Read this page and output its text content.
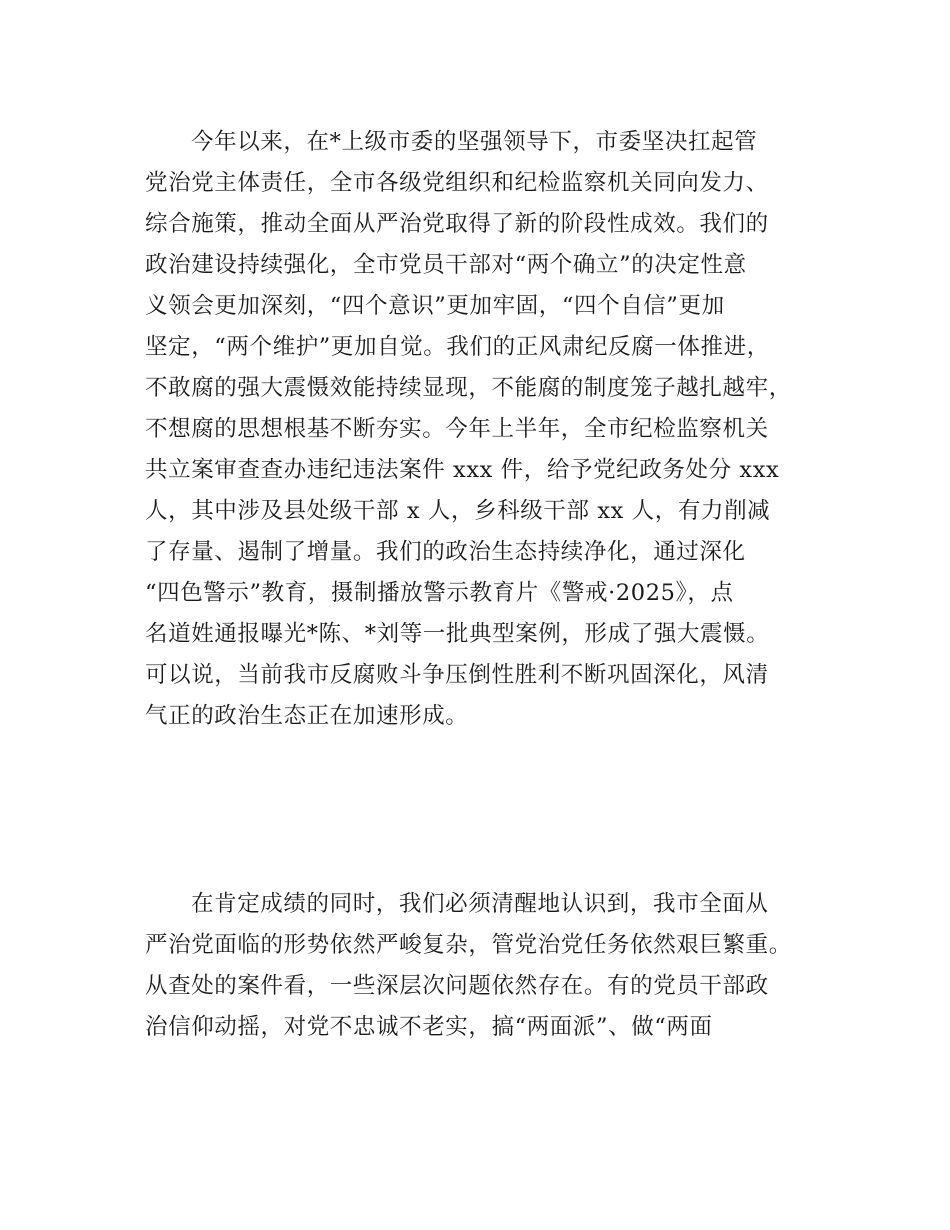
今年以来，在*上级市委的坚强领导下，市委坚决扛起管
党治党主体责任，全市各级党组织和纪检监察机关同向发力、
综合施策，推动全面从严治党取得了新的阶段性成效。我们的
政治建设持续强化，全市党员干部对“两个确立”的决定性意
义领会更加深刻，“四个意识”更加牢固，“四个自信”更加
坚定，“两个维护”更加自觉。我们的正风肃纪反腐一体推进，
不敢腐的强大震慑效能持续显现，不能腐的制度笼子越扎越牢，
不想腐的思想根基不断夯实。今年上半年，全市纪检监察机关
共立案审查查办违纪违法案件 xxx 件，给予党纪政务处分 xxx
人，其中涉及县处级干部 x 人，乡科级干部 xx 人，有力削减
了存量、遏制了增量。我们的政治生态持续净化，通过深化
“四色警示”教育，摄制播放警示教育片《警戒·2025》，点
名道姓通报曝光*陈、*刘等一批典型案例，形成了强大震慑。
可以说，当前我市反腐败斗争压倒性胜利不断巩固深化，风清
气正的政治生态正在加速形成。
在肯定成绩的同时，我们必须清醒地认识到，我市全面从
严治党面临的形势依然严峻复杂，管党治党任务依然艰巨繁重。
从查处的案件看，一些深层次问题依然存在。有的党员干部政
治信仰动摇，对党不忠诚不老实，搞“两面派”、做“两面
